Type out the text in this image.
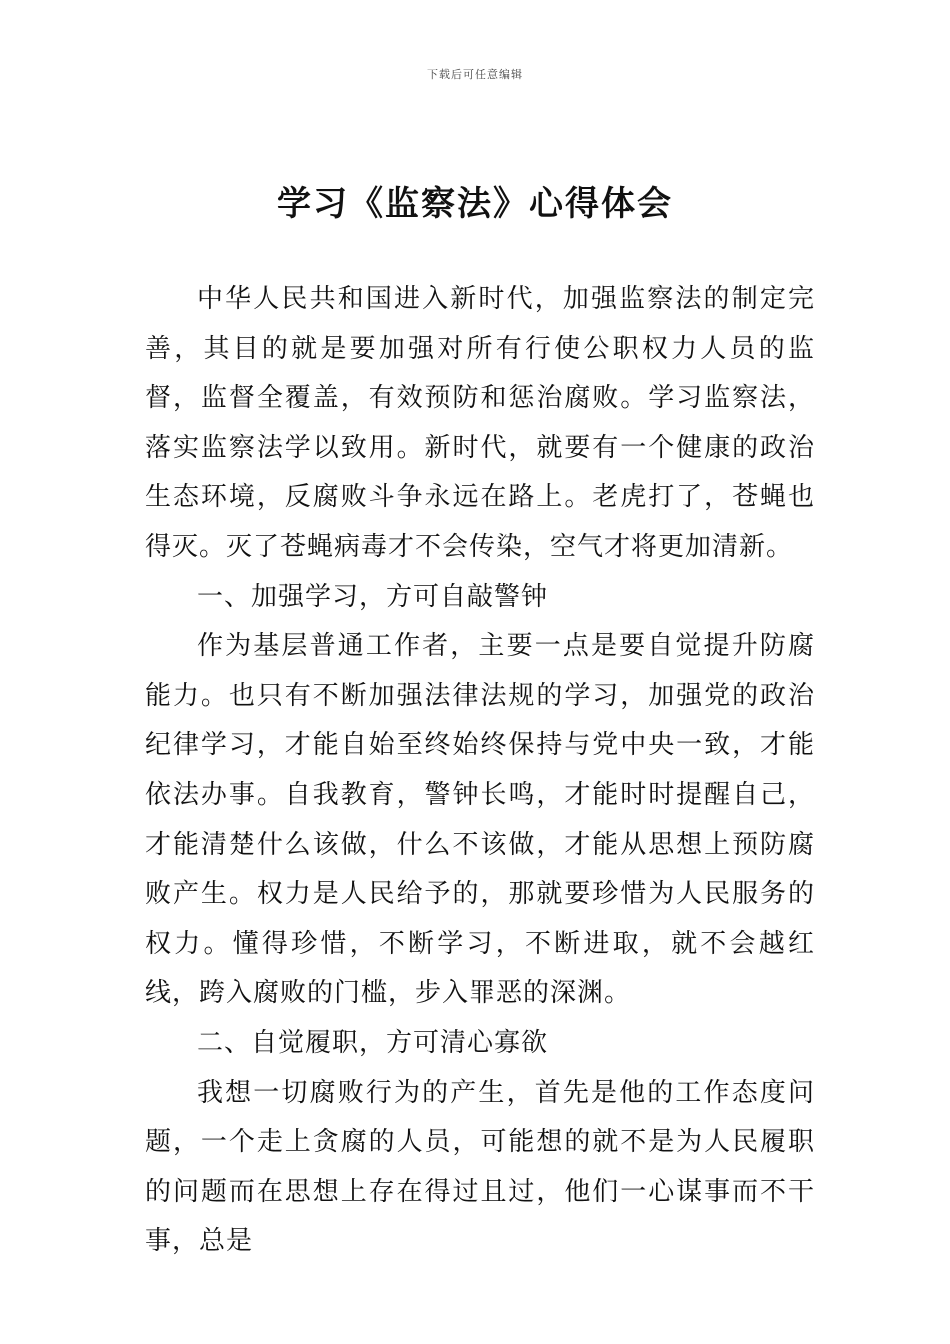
下载后可任意编辑
学习《监察法》心得体会

中华人民共和国进入新时代，加强监察法的制定完善，其目的就是要加强对所有行使公职权力人员的监督，监督全覆盖，有效预防和惩治腐败。学习监察法，落实监察法学以致用。新时代，就要有一个健康的政治生态环境，反腐败斗争永远在路上。老虎打了，苍蝇也得灭。灭了苍蝇病毒才不会传染，空气才将更加清新。

一、加强学习，方可自敲警钟

作为基层普通工作者，主要一点是要自觉提升防腐能力。也只有不断加强法律法规的学习，加强党的政治纪律学习，才能自始至终始终保持与党中央一致，才能依法办事。自我教育，警钟长鸣，才能时时提醒自己，才能清楚什么该做，什么不该做，才能从思想上预防腐败产生。权力是人民给予的，那就要珍惜为人民服务的权力。懂得珍惜，不断学习，不断进取，就不会越红线，跨入腐败的门槛，步入罪恶的深渊。

二、自觉履职，方可清心寡欲

我想一切腐败行为的产生，首先是他的工作态度问题，一个走上贪腐的人员，可能想的就不是为人民履职的问题而在思想上存在得过且过，他们一心谋事而不干事，总是
